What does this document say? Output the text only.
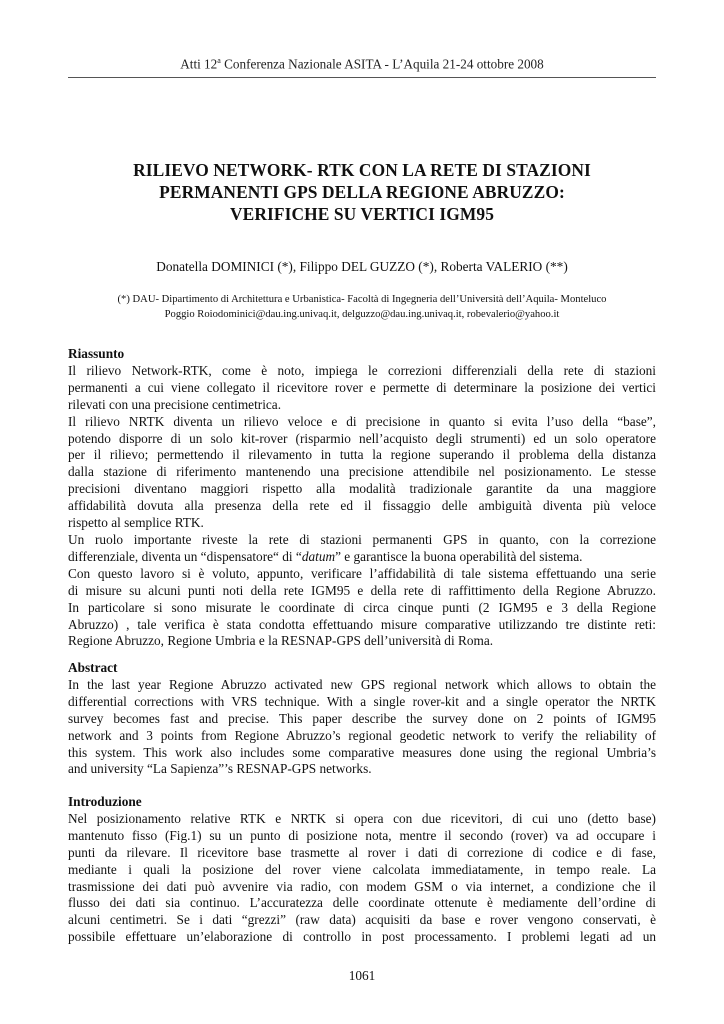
Atti 12$^a$ Conferenza Nazionale ASITA - L’Aquila 21-24 ottobre 2008
RILIEVO NETWORK- RTK CON LA RETE DI STAZIONI
PERMANENTI GPS DELLA REGIONE ABRUZZO:
VERIFICHE SU VERTICI IGM95
Donatella DOMINICI (*), Filippo DEL GUZZO (*), Roberta VALERIO (**)
(*) DAU- Dipartimento di Architettura e Urbanistica- Facoltà di Ingegneria dell’Università dell’Aquila- Monteluco
Poggio Roiodominici@dau.ing.univaq.it, delguzzo@dau.ing.univaq.it, robevalerio@yahoo.it
Riassunto
Il rilievo Network-RTK, come è noto, impiega le correzioni differenziali della rete di stazioni
permanenti a cui viene collegato il ricevitore rover e permette di determinare la posizione dei vertici
rilevati con una precisione centimetrica.
Il rilievo NRTK diventa un rilievo veloce e di precisione in quanto si evita l’uso della “base”,
potendo disporre di un solo kit-rover (risparmio nell’acquisto degli strumenti) ed un solo operatore
per il rilievo; permettendo il rilevamento in tutta la regione superando il problema della distanza
dalla stazione di riferimento mantenendo una precisione attendibile nel posizionamento. Le stesse
precisioni diventano maggiori rispetto alla modalità tradizionale garantite da una maggiore
affidabilità dovuta alla presenza della rete ed il fissaggio delle ambiguità diventa più veloce
rispetto al semplice RTK.
Un ruolo importante riveste la rete di stazioni permanenti GPS in quanto, con la correzione
differenziale, diventa un “dispensatore“ di “datum” e garantisce la buona operabilità del sistema.
Con questo lavoro si è voluto, appunto, verificare l’affidabilità di tale sistema effettuando una serie
di misure su alcuni punti noti della rete IGM95 e della rete di raffittimento della Regione Abruzzo.
In particolare si sono misurate le coordinate di circa cinque punti (2 IGM95 e 3 della Regione
Abruzzo) , tale verifica è stata condotta effettuando misure comparative utilizzando tre distinte reti:
Regione Abruzzo, Regione Umbria e la RESNAP-GPS dell’università di Roma.
Abstract
In the last year Regione Abruzzo activated new GPS regional network which allows to obtain the
differential corrections with VRS technique. With a single rover-kit and a single operator the NRTK
survey becomes fast and precise. This paper describe the survey done on 2 points of IGM95
network and 3 points from Regione Abruzzo’s regional geodetic network to verify the reliability of
this system. This work also includes some comparative measures done using the regional Umbria’s
and university “La Sapienza”’s RESNAP-GPS networks.
Introduzione
Nel posizionamento relative RTK e NRTK si opera con due ricevitori, di cui uno (detto base)
mantenuto fisso (Fig.1) su un punto di posizione nota, mentre il secondo (rover) va ad occupare i
punti da rilevare. Il ricevitore base trasmette al rover i dati di correzione di codice e di fase,
mediante i quali la posizione del rover viene calcolata immediatamente, in tempo reale. La
trasmissione dei dati può avvenire via radio, con modem GSM o via internet, a condizione che il
flusso dei dati sia continuo. L’accuratezza delle coordinate ottenute è mediamente dell’ordine di
alcuni centimetri. Se i dati “grezzi” (raw data) acquisiti da base e rover vengono conservati, è
possibile effettuare un’elaborazione di controllo in post processamento. I problemi legati ad un
1061
